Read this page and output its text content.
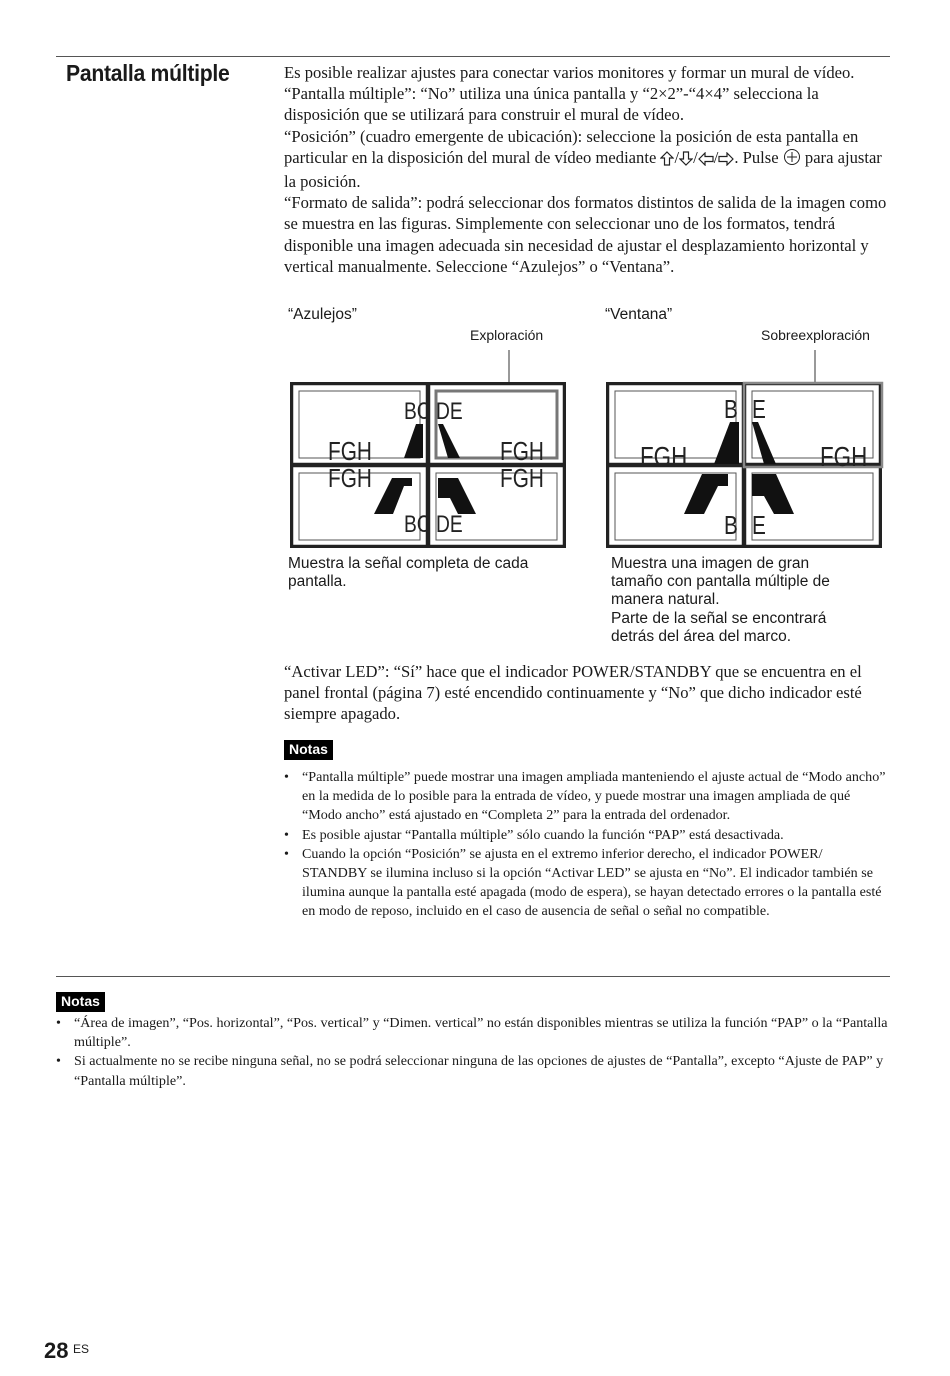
Pantalla múltiple	Es posible realizar ajustes para conectar varios monitores y formar un mural de vídeo.

“Pantalla múltiple”: “No” utiliza una única pantalla y “2×2”-“4×4” selecciona la disposición que se utilizará para construir el mural de vídeo.

“Posición” (cuadro emergente de ubicación): seleccione la posición de esta pantalla en particular en la disposición del mural de vídeo mediante / / / . Pulse  para ajustar la posición.

“Formato de salida”: podrá seleccionar dos formatos distintos de salida de la imagen como se muestra en las figuras. Simplemente con seleccionar uno de los formatos, tendrá disponible una imagen adecuada sin necesidad de ajustar el desplazamiento horizontal y vertical manualmente. Seleccione “Azulejos” o “Ventana”.

“Azulejos”
Exploración
“Ventana”
Sobreexploración
BC DE
FGH	FGH
FGH	FGH
BC DE
B E
FGH	FGH
B E
Muestra la señal completa de cada
pantalla.
Muestra una imagen de gran
tamaño con pantalla múltiple de
manera natural.
Parte de la señal se encontrará
detrás del área del marco.

“Activar LED”: “Sí” hace que el indicador POWER/STANDBY que se encuentra en el panel frontal (página 7) esté encendido continuamente y “No” que dicho indicador esté siempre apagado.

Notas
• “Pantalla múltiple” puede mostrar una imagen ampliada manteniendo el ajuste actual de “Modo ancho” en la medida de lo posible para la entrada de vídeo, y puede mostrar una imagen ampliada de qué “Modo ancho” está ajustado en “Completa 2” para la entrada del ordenador.
• Es posible ajustar “Pantalla múltiple” sólo cuando la función “PAP” está desactivada.
• Cuando la opción “Posición” se ajusta en el extremo inferior derecho, el indicador POWER/ STANDBY se ilumina incluso si la opción “Activar LED” se ajusta en “No”. El indicador también se ilumina aunque la pantalla esté apagada (modo de espera), se hayan detectado errores o la pantalla esté en modo de reposo, incluido en el caso de ausencia de señal o señal no compatible.
Notas
• “Área de imagen”, “Pos. horizontal”, “Pos. vertical” y “Dimen. vertical” no están disponibles mientras se utiliza la función “PAP” o la “Pantalla múltiple”.
• Si actualmente no se recibe ninguna señal, no se podrá seleccionar ninguna de las opciones de ajustes de “Pantalla”, excepto “Ajuste de PAP” y “Pantalla múltiple”.
28 ES
